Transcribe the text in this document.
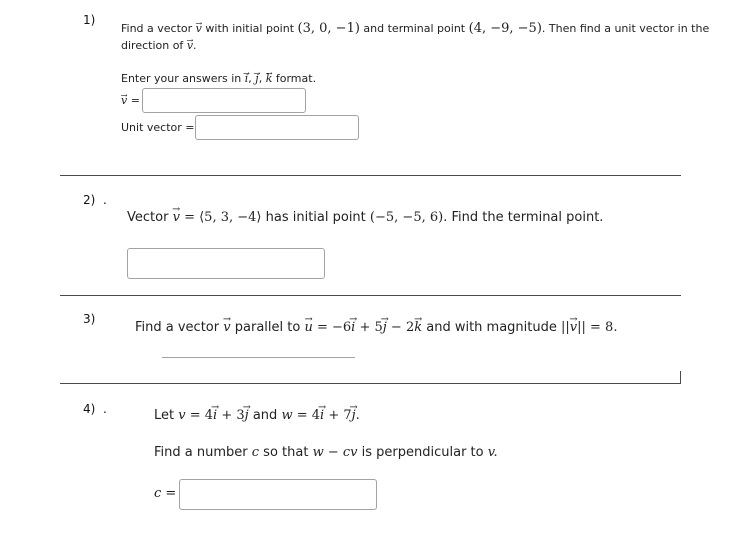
1)
Find a vector → v with initial point (3, 0, −1) and terminal point (4, −9, −5). Then find a unit vector in the
direction of → v.
Enter your answers in → i, → j, → k format.
→ v =
Unit vector =
2) .
Vector → v = ⟨5, 3, −4⟩ has initial point (−5, −5, 6). Find the terminal point.
3)
Find a vector → v parallel to → u = −6→ i + 5→ j − 2→ k and with magnitude ||→ v|| = 8.
4) .	Let v = 4→ i + 3→ j and w = 4→ i + 7→ j.
Find a number c so that w − cv is perpendicular to v.
c =
